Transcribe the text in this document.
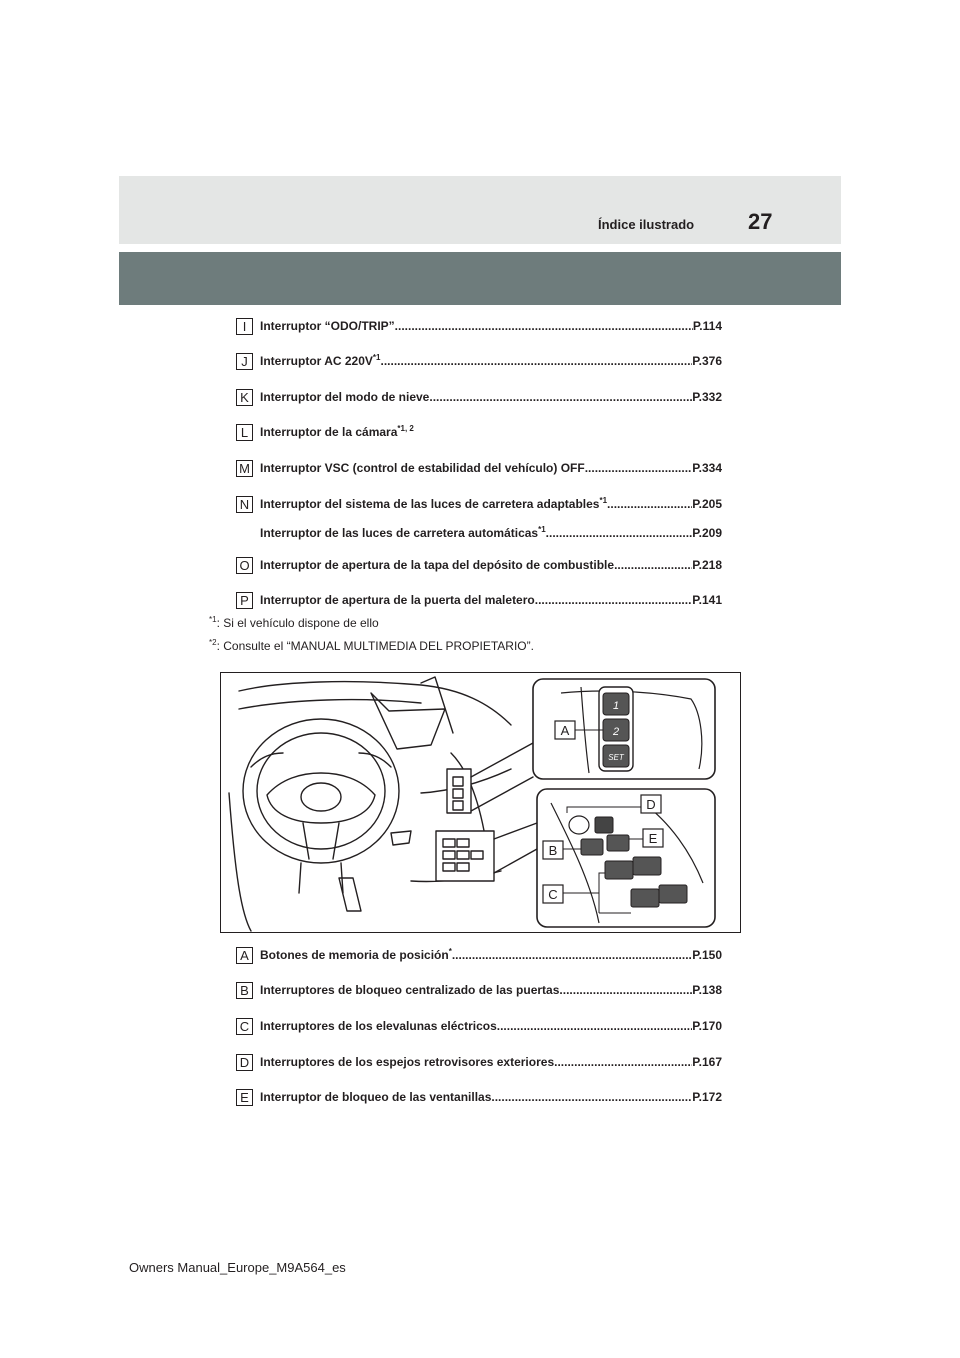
Índice ilustrado 27
I	Interruptor “ODO/TRIP” .....	P.114
J	Interruptor AC $220V^{*1}$ .....	P.376
K Interruptor del modo de nieve .....	P.332
L Interruptor de la cámara$^{*1, 2}$
M Interruptor VSC (control de estabilidad del vehículo) OFF .....	P.334
N Interruptor del sistema de las luces de carretera adaptables$^{*1}$ .....	P.205
Interruptor de las luces de carretera automáticas$^{*1}$ .....	P.209
O Interruptor de apertura de la tapa del depósito de combustible .....	P.218
P Interruptor de apertura de la puerta del maletero .....	P.141
$^{*1}$: Si el vehículo dispone de ello
$^{*2}$: Consulte el “MANUAL MULTIMEDIA DEL PROPIETARIO”.
1
2
SET
A
D
E
B
C
A Botones de memoria de posición* .....	P.150
B Interruptores de bloqueo centralizado de las puertas .....	P.138
C Interruptores de los elevalunas eléctricos .....	P.170
D Interruptores de los espejos retrovisores exteriores .....	P.167
E Interruptor de bloqueo de las ventanillas .....	P.172
Owners Manual_Europe_M9A564_es
